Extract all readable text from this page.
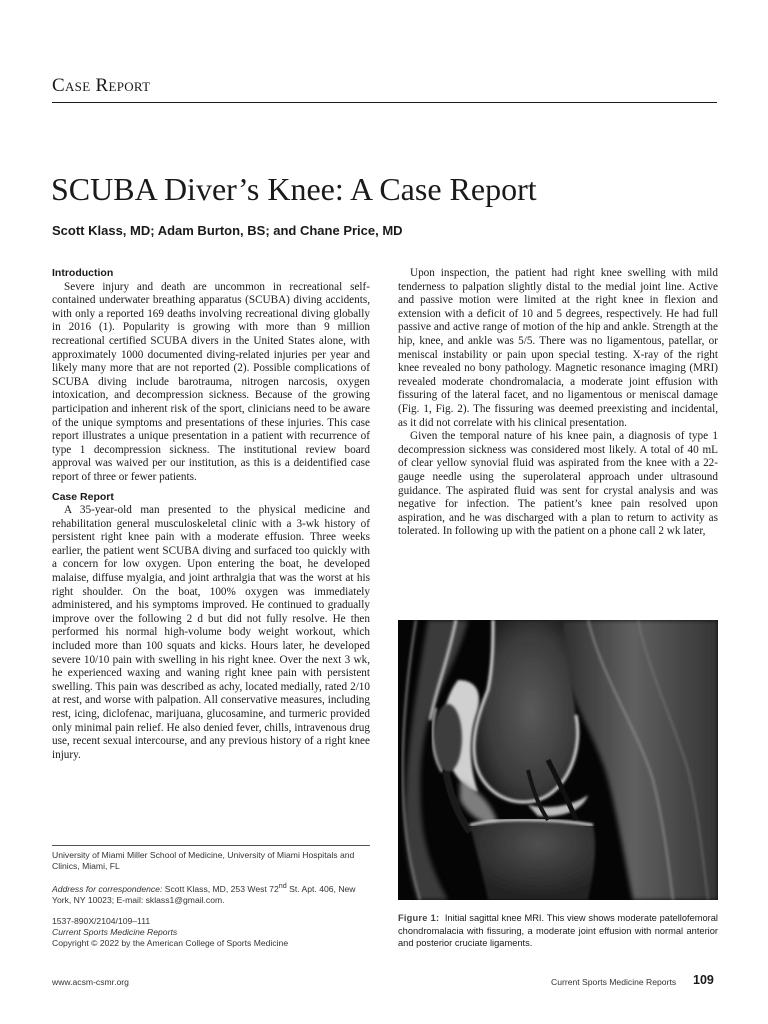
Case Report
SCUBA Diver’s Knee: A Case Report
Scott Klass, MD; Adam Burton, BS; and Chane Price, MD
Introduction

Severe injury and death are uncommon in recreational self-contained underwater breathing apparatus (SCUBA) diving accidents, with only a reported 169 deaths involving recreational diving globally in 2016 (1). Popularity is growing with more than 9 million recreational certified SCUBA divers in the United States alone, with approximately 1000 documented diving-related injuries per year and likely many more that are not reported (2). Possible complications of SCUBA diving include barotrauma, nitrogen narcosis, oxygen intoxication, and decompression sickness. Because of the growing participation and inherent risk of the sport, clinicians need to be aware of the unique symptoms and presentations of these injuries. This case report illustrates a unique presentation in a patient with recurrence of type 1 decompression sickness. The institutional review board approval was waived per our institution, as this is a deidentified case report of three or fewer patients.

Case Report

A 35-year-old man presented to the physical medicine and rehabilitation general musculoskeletal clinic with a 3-wk history of persistent right knee pain with a moderate effusion. Three weeks earlier, the patient went SCUBA diving and surfaced too quickly with a concern for low oxygen. Upon entering the boat, he developed malaise, diffuse myalgia, and joint arthralgia that was the worst at his right shoulder. On the boat, 100% oxygen was immediately administered, and his symptoms improved. He continued to gradually improve over the following 2 d but did not fully resolve. He then performed his normal high-volume body weight workout, which included more than 100 squats and kicks. Hours later, he developed severe 10/10 pain with swelling in his right knee. Over the next 3 wk, he experienced waxing and waning right knee pain with persistent swelling. This pain was described as achy, located medially, rated 2/10 at rest, and worse with palpation. All conservative measures, including rest, icing, diclofenac, marijuana, glucosamine, and turmeric provided only minimal pain relief. He also denied fever, chills, intravenous drug use, recent sexual intercourse, and any previous history of a right knee injury.

Upon inspection, the patient had right knee swelling with mild tenderness to palpation slightly distal to the medial joint line. Active and passive motion were limited at the right knee in flexion and extension with a deficit of 10 and 5 degrees, respectively. He had full passive and active range of motion of the hip and ankle. Strength at the hip, knee, and ankle was 5/5. There was no ligamentous, patellar, or meniscal instability or pain upon special testing. X-ray of the right knee revealed no bony pathology. Magnetic resonance imaging (MRI) revealed moderate chondromalacia, a moderate joint effusion with fissuring of the lateral facet, and no ligamentous or meniscal damage (Fig. 1, Fig. 2). The fissuring was deemed preexisting and incidental, as it did not correlate with his clinical presentation.

Given the temporal nature of his knee pain, a diagnosis of type 1 decompression sickness was considered most likely. A total of 40 mL of clear yellow synovial fluid was aspirated from the knee with a 22-gauge needle using the superolateral approach under ultrasound guidance. The aspirated fluid was sent for crystal analysis and was negative for infection. The patient’s knee pain resolved upon aspiration, and he was discharged with a plan to return to activity as tolerated. In following up with the patient on a phone call 2 wk later,

Figure 1: Initial sagittal knee MRI. This view shows moderate patellofemoral chondromalacia with fissuring, a moderate joint effusion with normal anterior and posterior cruciate ligaments.
University of Miami Miller School of Medicine, University of Miami Hospitals and Clinics, Miami, FL
Address for correspondence: Scott Klass, MD, 253 West 72nd St. Apt. 406, New York, NY 10023; E-mail: sklass1@gmail.com.
1537-890X/2104/109–111
Current Sports Medicine Reports
Copyright © 2022 by the American College of Sports Medicine
www.acsm-csmr.org	Current Sports Medicine Reports 109
